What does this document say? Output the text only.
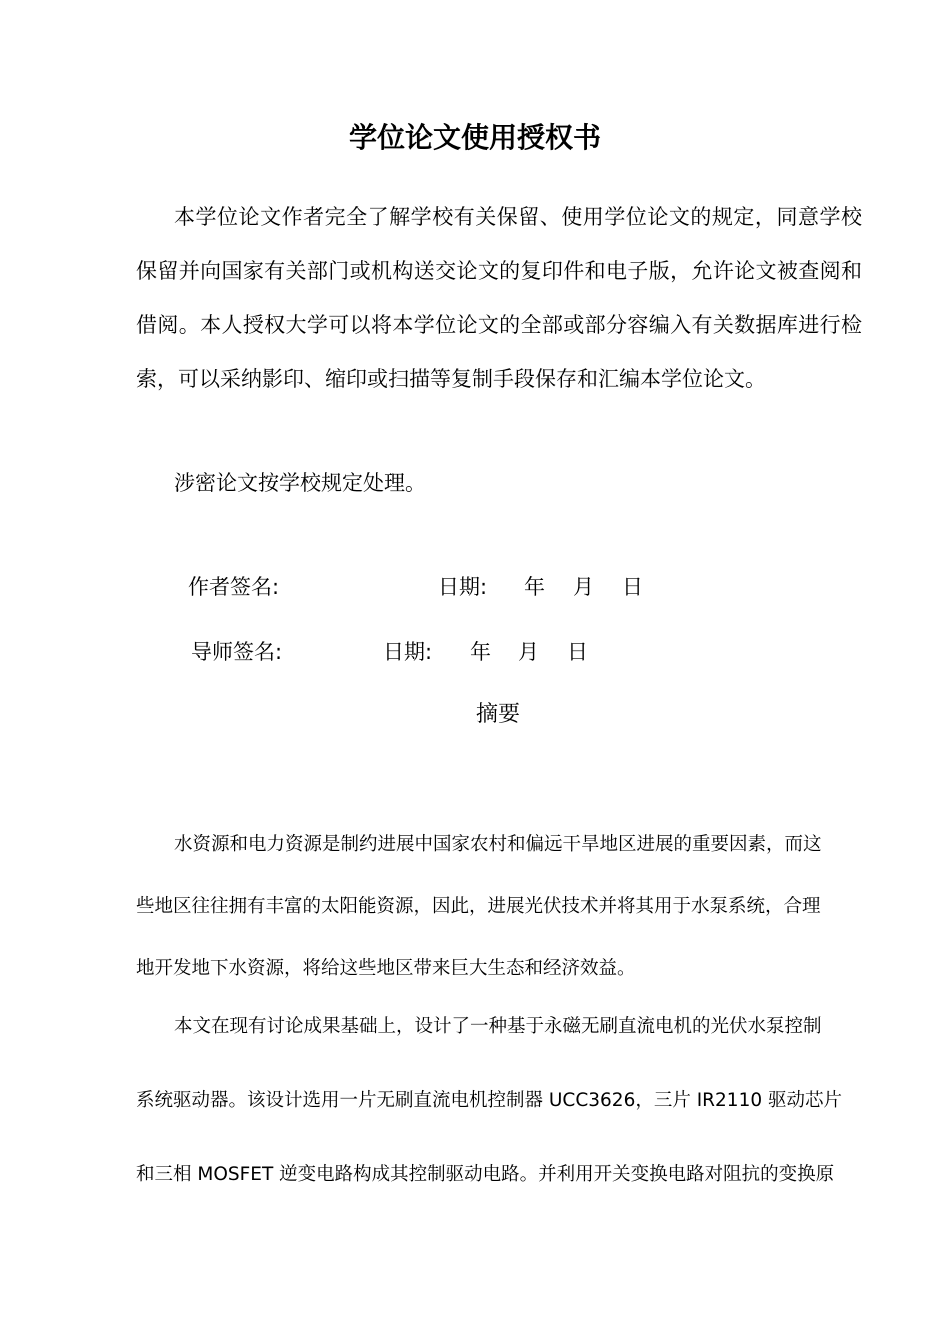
学位论文使用授权书
本学位论文作者完全了解学校有关保留、使用学位论文的规定，同意学校保留并向国家有关部门或机构送交论文的复印件和电子版，允许论文被查阅和借阅。本人授权大学可以将本学位论文的全部或部分容编入有关数据库进行检索，可以采纳影印、缩印或扫描等复制手段保存和汇编本学位论文。
涉密论文按学校规定处理。
作者签名:	日期: 年 月 日
导师签名:	日期: 年 月 日
摘要
水资源和电力资源是制约进展中国家农村和偏远干旱地区进展的重要因素，而这
些地区往往拥有丰富的太阳能资源，因此，进展光伏技术并将其用于水泵系统，合理
地开发地下水资源，将给这些地区带来巨大生态和经济效益。
本文在现有讨论成果基础上，设计了一种基于永磁无刷直流电机的光伏水泵控制
系统驱动器。该设计选用一片无刷直流电机控制器 UCC3626，三片 IR2110 驱动芯片
和三相 MOSFET 逆变电路构成其控制驱动电路。并利用开关变换电路对阻抗的变换原
